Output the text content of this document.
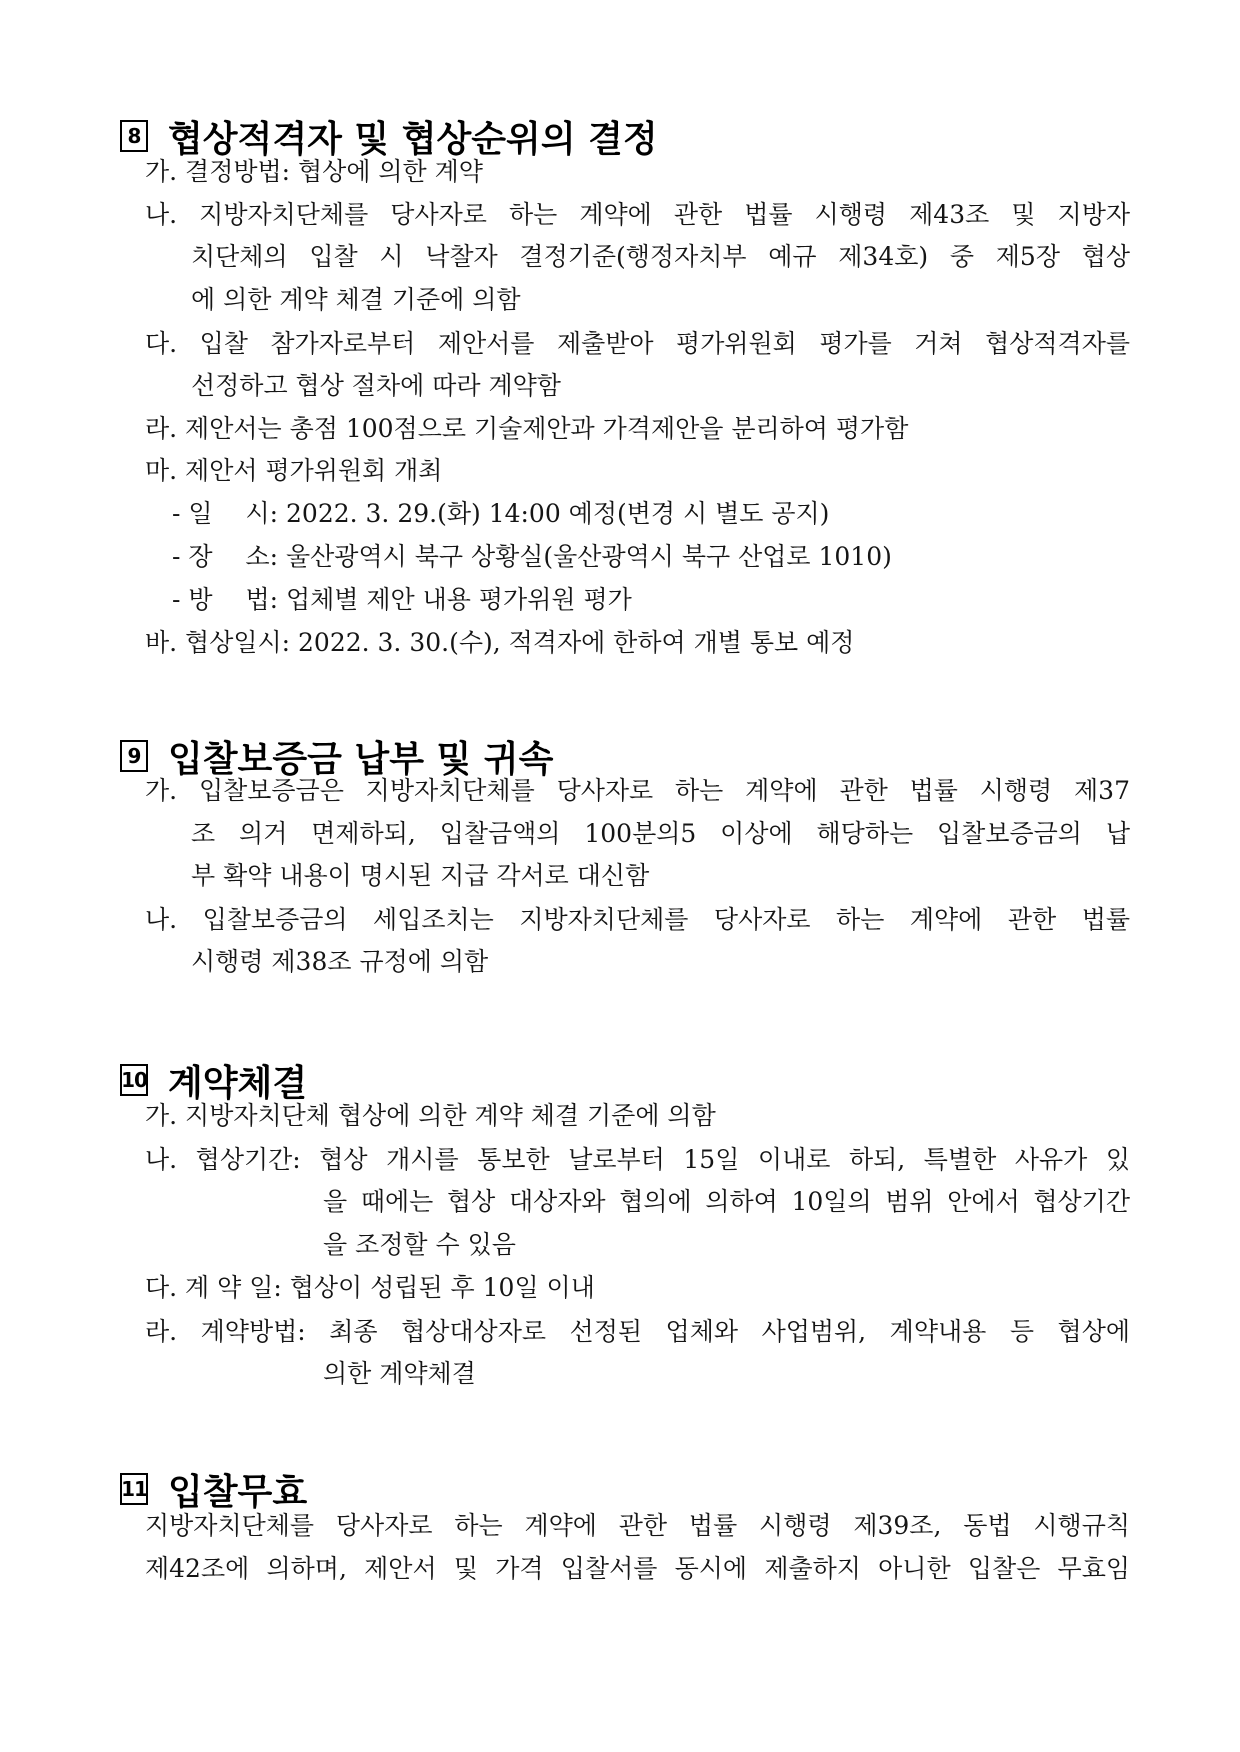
8 협상적격자 및 협상순위의 결정
가. 결정방법: 협상에 의한 계약
나. 지방자치단체를 당사자로 하는 계약에 관한 법률 시행령 제43조 및 지방자
치단체의 입찰 시 낙찰자 결정기준(행정자치부 예규 제34호) 중 제5장 협상
에 의한 계약 체결 기준에 의함
다. 입찰 참가자로부터 제안서를 제출받아 평가위원회 평가를 거쳐 협상적격자를
선정하고 협상 절차에 따라 계약함
라. 제안서는 총점 100점으로 기술제안과 가격제안을 분리하여 평가함
마. 제안서 평가위원회 개최
- 일　 시: 2022. 3. 29.(화) 14:00 예정(변경 시 별도 공지)
- 장　 소: 울산광역시 북구 상황실(울산광역시 북구 산업로 1010)
- 방　 법: 업체별 제안 내용 평가위원 평가
바. 협상일시: 2022. 3. 30.(수), 적격자에 한하여 개별 통보 예정
9 입찰보증금 납부 및 귀속
가. 입찰보증금은 지방자치단체를 당사자로 하는 계약에 관한 법률 시행령 제37
조 의거 면제하되, 입찰금액의 100분의5 이상에 해당하는 입찰보증금의 납
부 확약 내용이 명시된 지급 각서로 대신함
나. 입찰보증금의 세입조치는 지방자치단체를 당사자로 하는 계약에 관한 법률
시행령 제38조 규정에 의함
10 계약체결
가. 지방자치단체 협상에 의한 계약 체결 기준에 의함
나. 협상기간: 협상 개시를 통보한 날로부터 15일 이내로 하되, 특별한 사유가 있
을 때에는 협상 대상자와 협의에 의하여 10일의 범위 안에서 협상기간
을 조정할 수 있음
다. 계 약 일: 협상이 성립된 후 10일 이내
라. 계약방법: 최종 협상대상자로 선정된 업체와 사업범위, 계약내용 등 협상에
의한 계약체결
11 입찰무효
지방자치단체를 당사자로 하는 계약에 관한 법률 시행령 제39조, 동법 시행규칙
제42조에 의하며, 제안서 및 가격 입찰서를 동시에 제출하지 아니한 입찰은 무효임
